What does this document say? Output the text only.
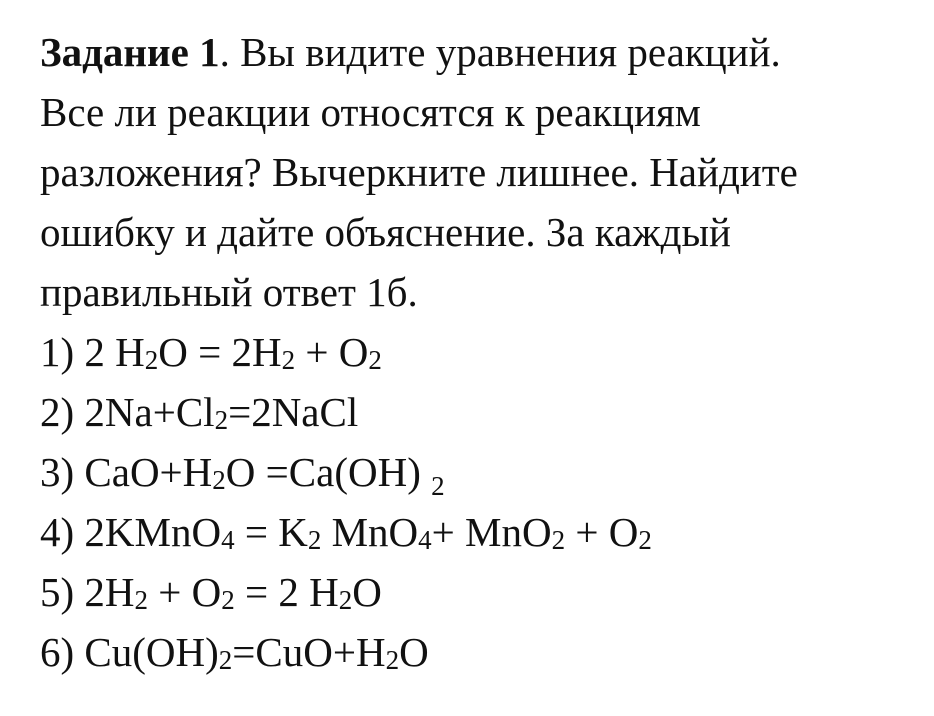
Задание 1. Вы видите уравнения реакций.
Все ли реакции относятся к реакциям
разложения? Вычеркните лишнее. Найдите
ошибку и дайте объяснение. За каждый
правильный ответ 1б.
1) 2 H2O = 2H2 + O2
2) 2Na+Cl2=2NaCl
3) CaO+H2O =Ca(OH) $_2$
4) 2KMnO4 = K2 MnO4+ MnO2 + O2
5) 2H2 + O2 = 2 H2O
6) Cu(OH)2=CuO+H2O
